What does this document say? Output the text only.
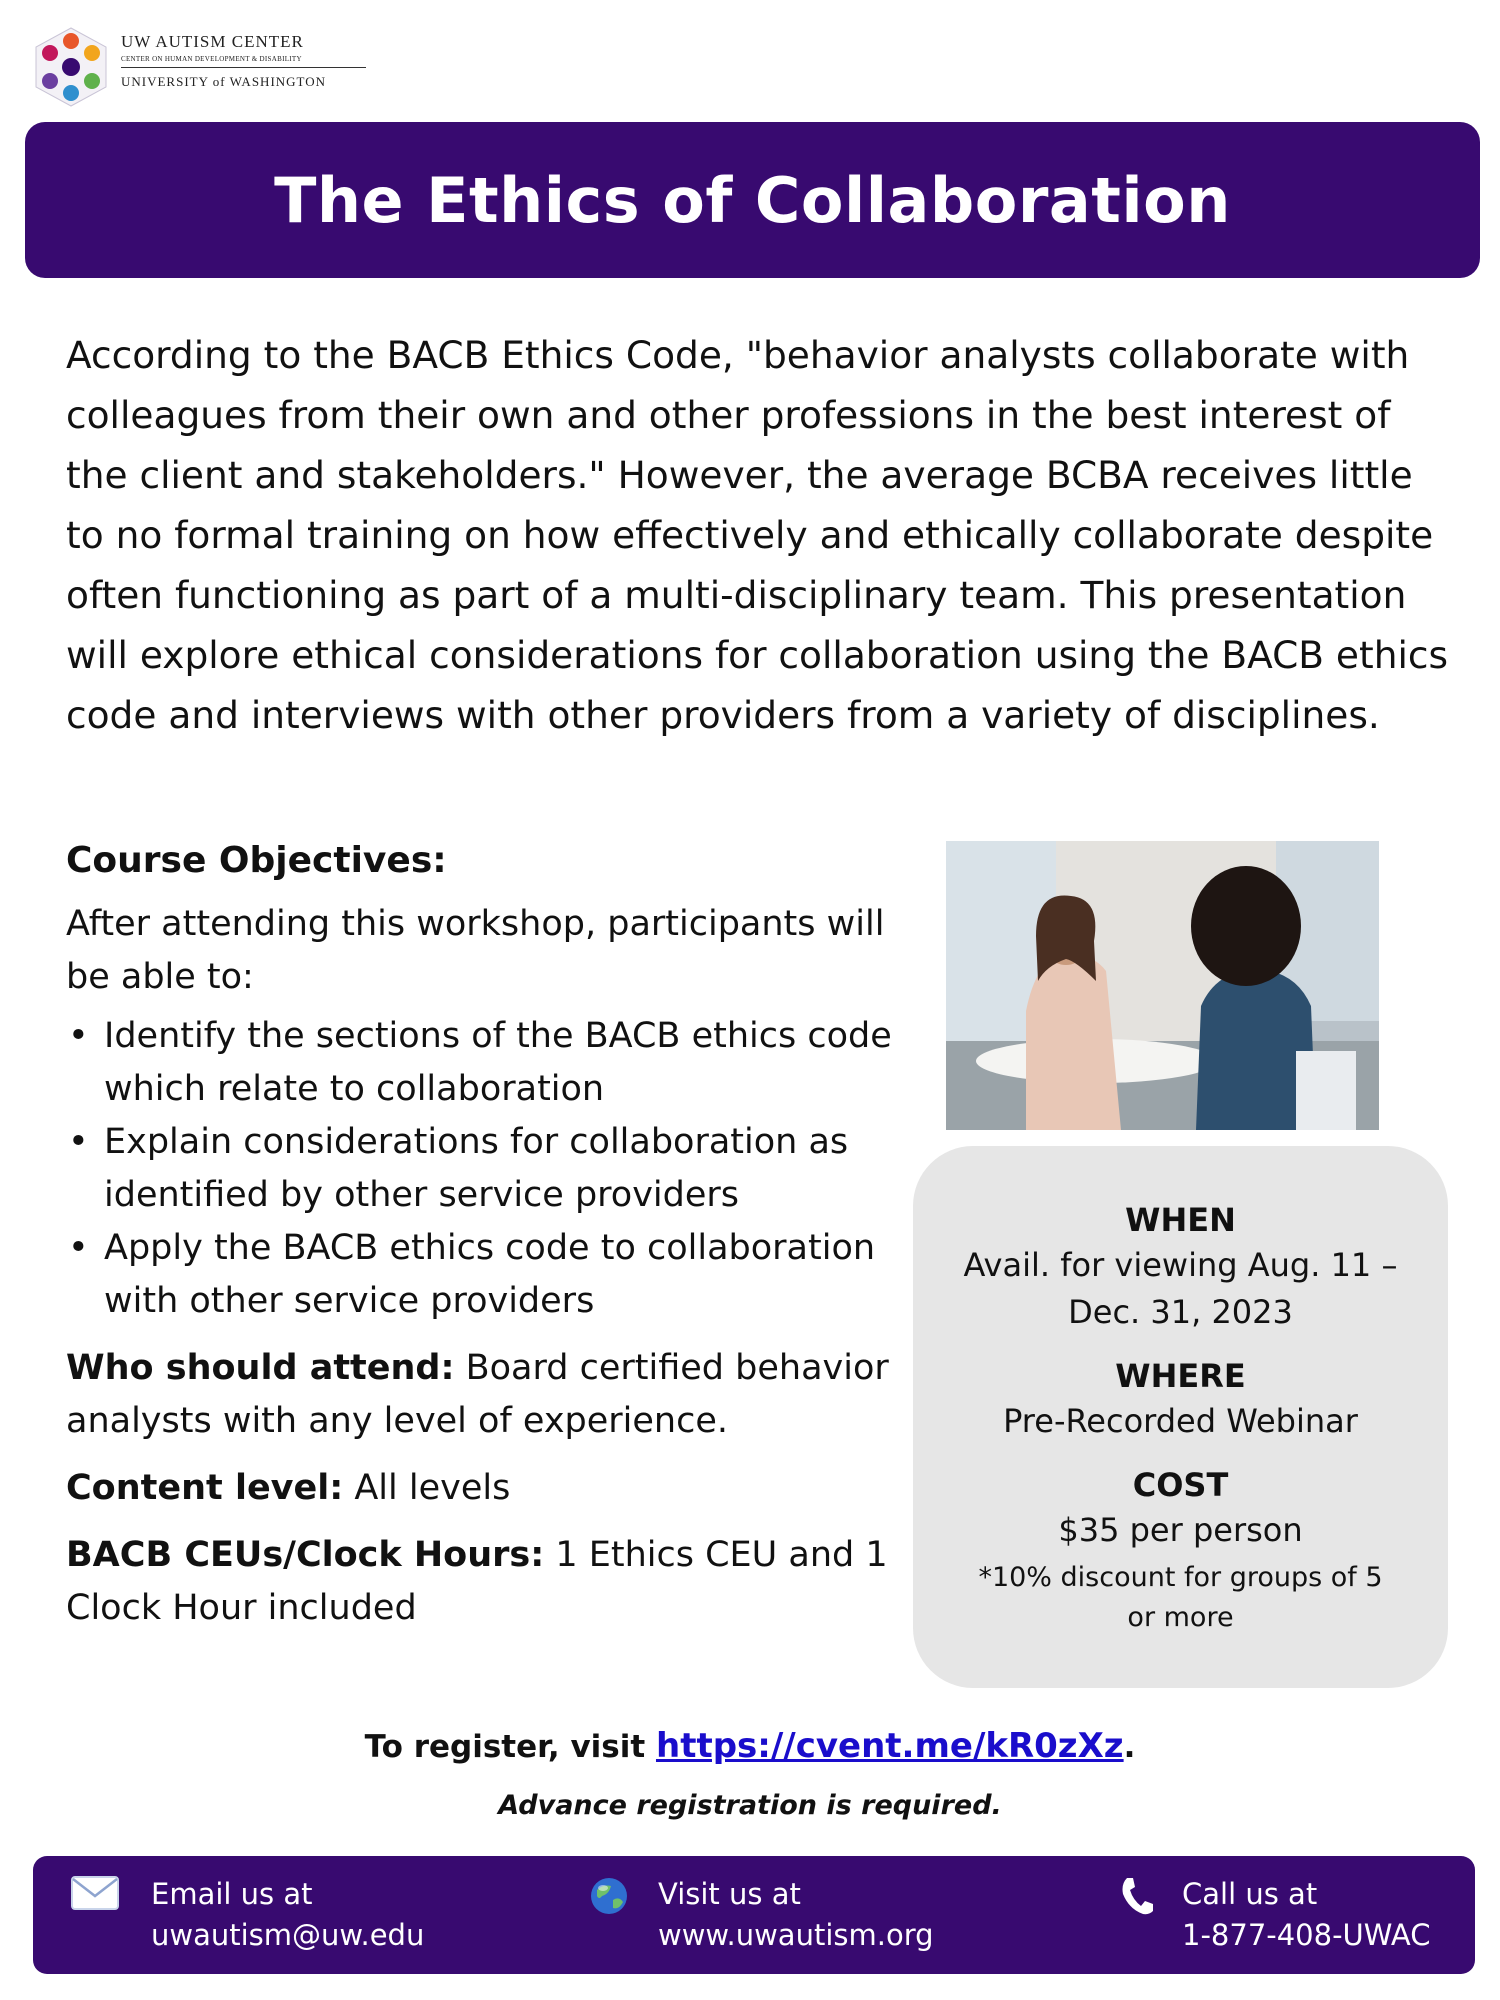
UW AUTISM CENTER
CENTER ON HUMAN DEVELOPMENT & DISABILITY
UNIVERSITY of WASHINGTON
The Ethics of Collaboration
According to the BACB Ethics Code, "behavior analysts collaborate with colleagues from their own and other professions in the best interest of the client and stakeholders." However, the average BCBA receives little to no formal training on how effectively and ethically collaborate despite often functioning as part of a multi-disciplinary team. This presentation will explore ethical considerations for collaboration using the BACB ethics code and interviews with other providers from a variety of disciplines.
Course Objectives:
After attending this workshop, participants will be able to:
• Identify the sections of the BACB ethics code which relate to collaboration
• Explain considerations for collaboration as identified by other service providers
• Apply the BACB ethics code to collaboration with other service providers
Who should attend: Board certified behavior analysts with any level of experience.
Content level: All levels
BACB CEUs/Clock Hours: 1 Ethics CEU and 1 Clock Hour included
WHEN
Avail. for viewing Aug. 11 – Dec. 31, 2023
WHERE
Pre-Recorded Webinar
COST
$35 per person
*10% discount for groups of 5 or more
To register, visit https://cvent.me/kR0zXz.
Advance registration is required.
Email us at
uwautism@uw.edu
Visit us at
www.uwautism.org
Call us at
1-877-408-UWAC
